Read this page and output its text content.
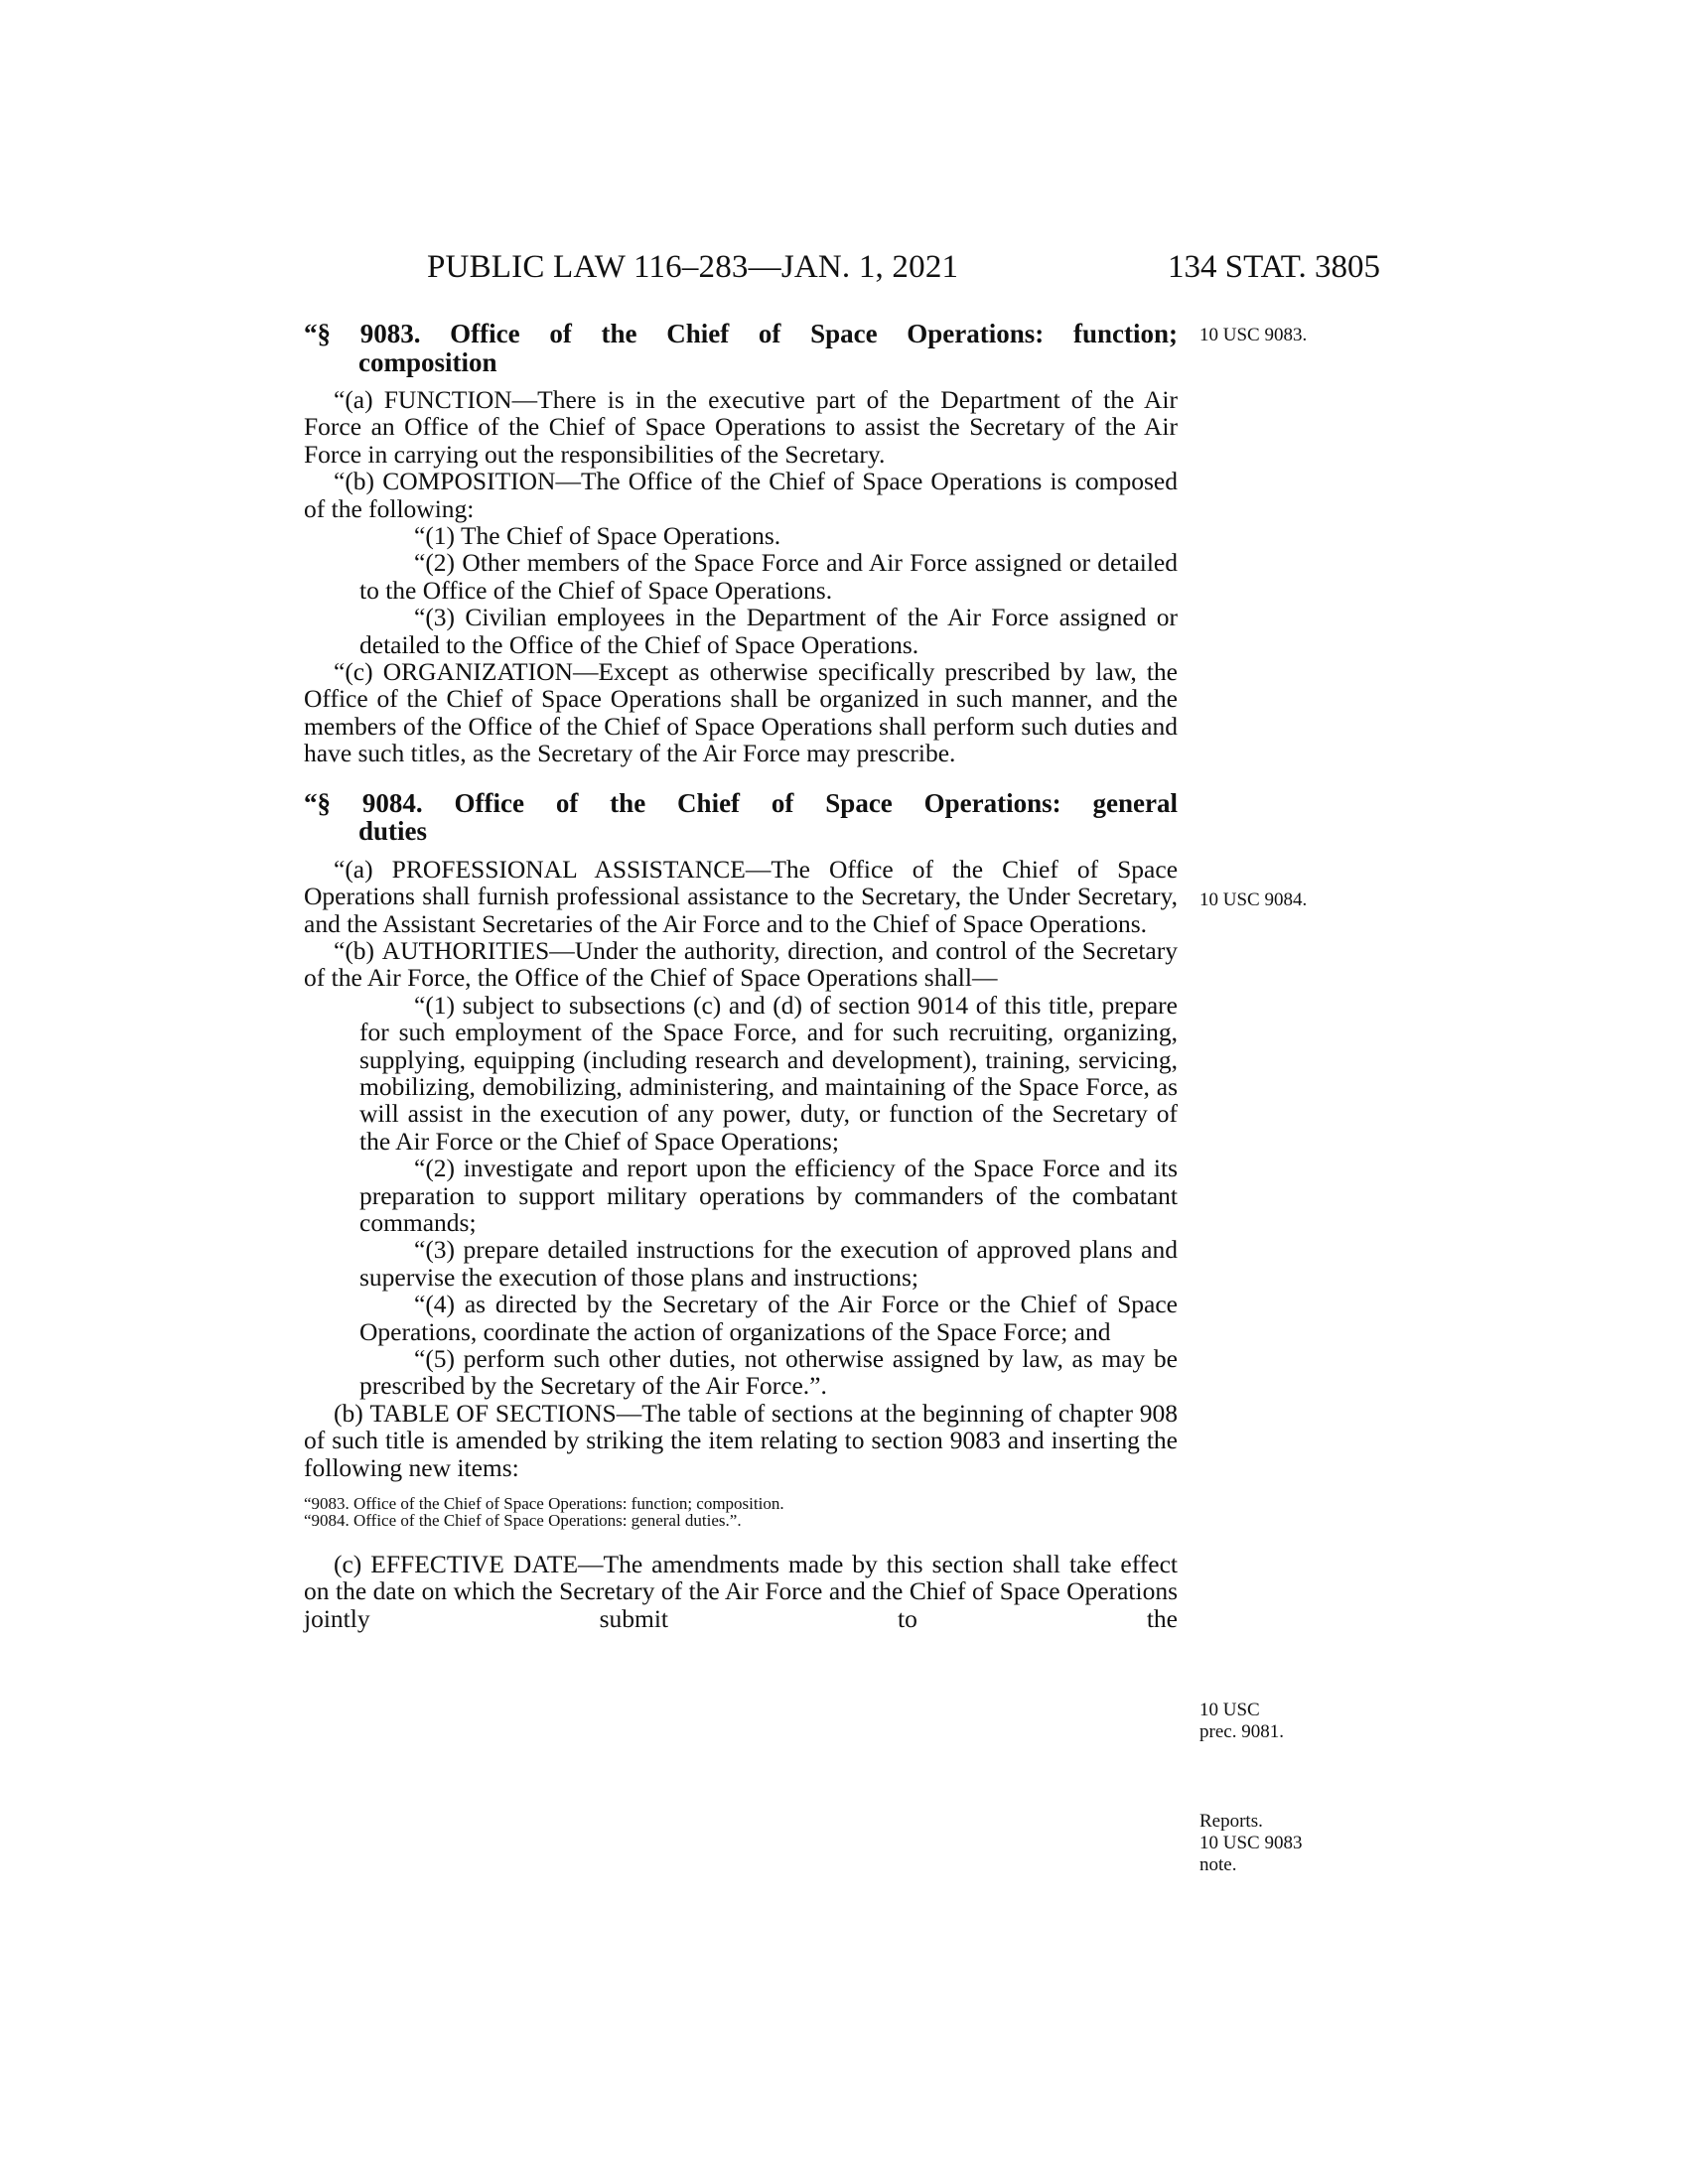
PUBLIC LAW 116–283—JAN. 1, 2021	134 STAT. 3805
“§ 9083. Office of the Chief of Space Operations: function;
composition

“(a) FUNCTION—There is in the executive part of the Department of the Air Force an Office of the Chief of Space Operations to assist the Secretary of the Air Force in carrying out the responsibilities of the Secretary.

“(b) COMPOSITION—The Office of the Chief of Space Operations is composed of the following:

“(1) The Chief of Space Operations.

“(2) Other members of the Space Force and Air Force assigned or detailed to the Office of the Chief of Space Operations.

“(3) Civilian employees in the Department of the Air Force assigned or detailed to the Office of the Chief of Space Operations.

“(c) ORGANIZATION—Except as otherwise specifically prescribed by law, the Office of the Chief of Space Operations shall be organized in such manner, and the members of the Office of the Chief of Space Operations shall perform such duties and have such titles, as the Secretary of the Air Force may prescribe.

“§ 9084. Office of the Chief of Space Operations: general
duties

“(a) PROFESSIONAL ASSISTANCE—The Office of the Chief of Space Operations shall furnish professional assistance to the Secretary, the Under Secretary, and the Assistant Secretaries of the Air Force and to the Chief of Space Operations.

“(b) AUTHORITIES—Under the authority, direction, and control of the Secretary of the Air Force, the Office of the Chief of Space Operations shall—

“(1) subject to subsections (c) and (d) of section 9014 of this title, prepare for such employment of the Space Force, and for such recruiting, organizing, supplying, equipping (including research and development), training, servicing, mobilizing, demobilizing, administering, and maintaining of the Space Force, as will assist in the execution of any power, duty, or function of the Secretary of the Air Force or the Chief of Space Operations;

“(2) investigate and report upon the efficiency of the Space Force and its preparation to support military operations by commanders of the combatant commands;

“(3) prepare detailed instructions for the execution of approved plans and supervise the execution of those plans and instructions;

“(4) as directed by the Secretary of the Air Force or the Chief of Space Operations, coordinate the action of organizations of the Space Force; and

“(5) perform such other duties, not otherwise assigned by law, as may be prescribed by the Secretary of the Air Force.”.

(b) TABLE OF SECTIONS—The table of sections at the beginning of chapter 908 of such title is amended by striking the item relating to section 9083 and inserting the following new items:

“9083. Office of the Chief of Space Operations: function; composition.
“9084. Office of the Chief of Space Operations: general duties.”.

(c) EFFECTIVE DATE—The amendments made by this section shall take effect on the date on which the Secretary of the Air Force and the Chief of Space Operations jointly submit to the

10 USC 9083.
10 USC 9084.
10 USC
prec. 9081.
Reports.
10 USC 9083
note.
